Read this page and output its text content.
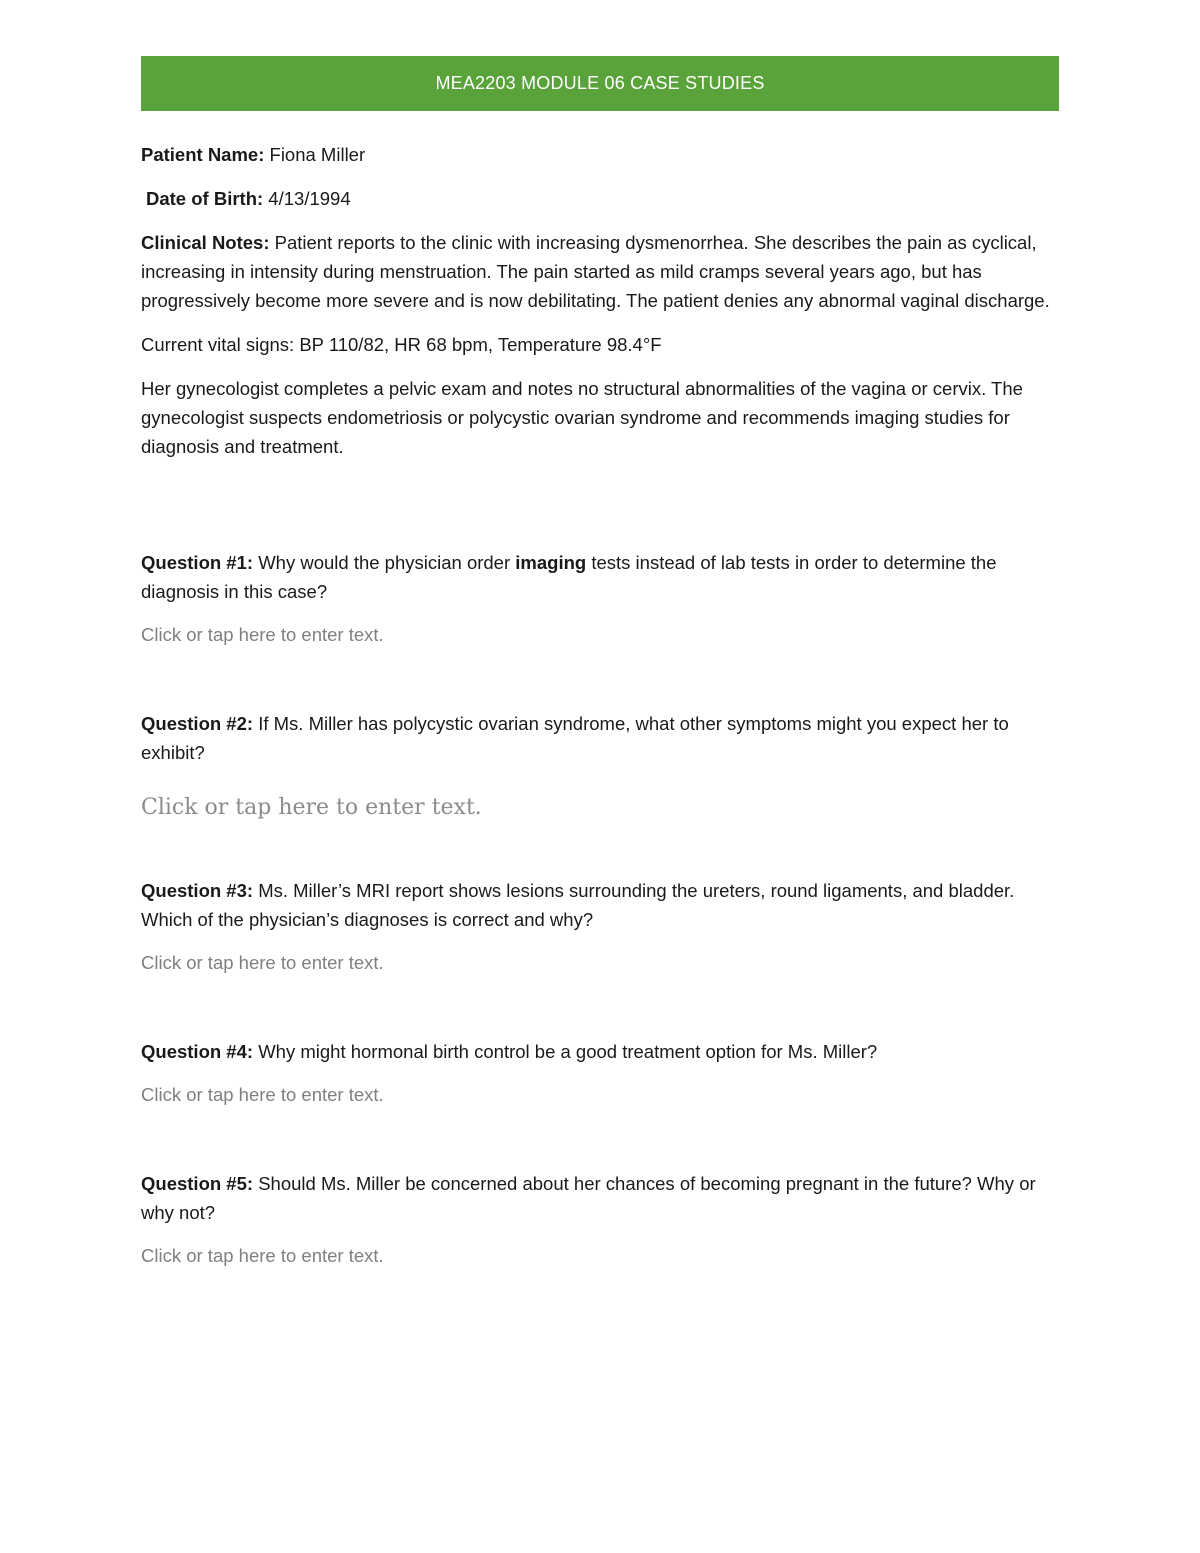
MEA2203 MODULE 06 CASE STUDIES

Patient Name: Fiona Miller

Date of Birth: 4/13/1994

Clinical Notes: Patient reports to the clinic with increasing dysmenorrhea. She describes the pain as cyclical, increasing in intensity during menstruation. The pain started as mild cramps several years ago, but has progressively become more severe and is now debilitating. The patient denies any abnormal vaginal discharge.

Current vital signs: BP 110/82, HR 68 bpm, Temperature 98.4°F

Her gynecologist completes a pelvic exam and notes no structural abnormalities of the vagina or cervix. The gynecologist suspects endometriosis or polycystic ovarian syndrome and recommends imaging studies for diagnosis and treatment.

Question #1: Why would the physician order imaging tests instead of lab tests in order to determine the diagnosis in this case?

Click or tap here to enter text.

Question #2: If Ms. Miller has polycystic ovarian syndrome, what other symptoms might you expect her to exhibit?

Click or tap here to enter text.

Question #3: Ms. Miller’s MRI report shows lesions surrounding the ureters, round ligaments, and bladder. Which of the physician’s diagnoses is correct and why?

Click or tap here to enter text.

Question #4: Why might hormonal birth control be a good treatment option for Ms. Miller?

Click or tap here to enter text.

Question #5: Should Ms. Miller be concerned about her chances of becoming pregnant in the future? Why or why not?

Click or tap here to enter text.
